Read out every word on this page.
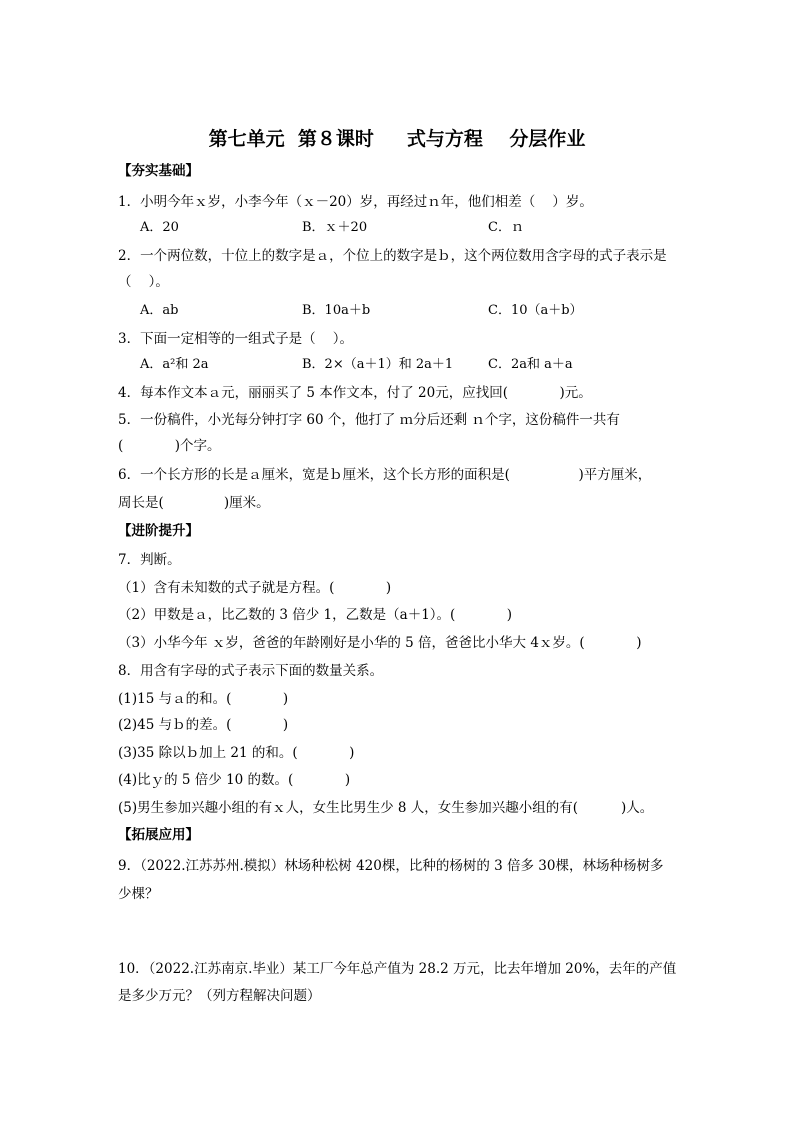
第七单元  第８课时     式与方程    分层作业
【夯实基础】
1．小明今年ｘ岁，小李今年（ｘ－20）岁，再经过ｎ年，他们相差（    ）岁。
A．20	B．ｘ＋20	C．ｎ
2．一个两位数，十位上的数字是ａ，个位上的数字是ｂ，这个两位数用含字母的式子表示是
（    ）。
A．ab	B．10a＋b	C．10（a＋b）
3．下面一定相等的一组式子是（    ）。
A．a²和 2a	B．2×（a＋1）和 2a＋1	C．2a和 a＋a
4．每本作文本ａ元，丽丽买了 5 本作文本，付了 20元，应找回(            )元。
5．一份稿件，小光每分钟打字 60 个，他打了 ｍ分后还剩 ｎ个字，这份稿件一共有
(            )个字。
6．一个长方形的长是ａ厘米，宽是ｂ厘米，这个长方形的面积是(                )平方厘米，
周长是(              )厘米。
【进阶提升】
7．判断。
（1）含有未知数的式子就是方程。(            )
（2）甲数是ａ，比乙数的 3 倍少 1，乙数是（a＋1）。(            )
（3）小华今年 ｘ岁，爸爸的年龄刚好是小华的 5 倍，爸爸比小华大 4ｘ岁。(            )
8．用含有字母的式子表示下面的数量关系。
(1)15 与ａ的和。(            )
(2)45 与ｂ的差。(            )
(3)35 除以ｂ加上 21 的和。(            )
(4)比ｙ的 5 倍少 10 的数。(            )
(5)男生参加兴趣小组的有ｘ人，女生比男生少 8 人，女生参加兴趣小组的有(          )人。
【拓展应用】
9．（2022.江苏苏州.模拟）林场种松树 420棵，比种的杨树的 3 倍多 30棵，林场种杨树多
少棵？
10．（2022.江苏南京.毕业）某工厂今年总产值为 28.2 万元，比去年增加 20%，去年的产值
是多少万元？（列方程解决问题）
